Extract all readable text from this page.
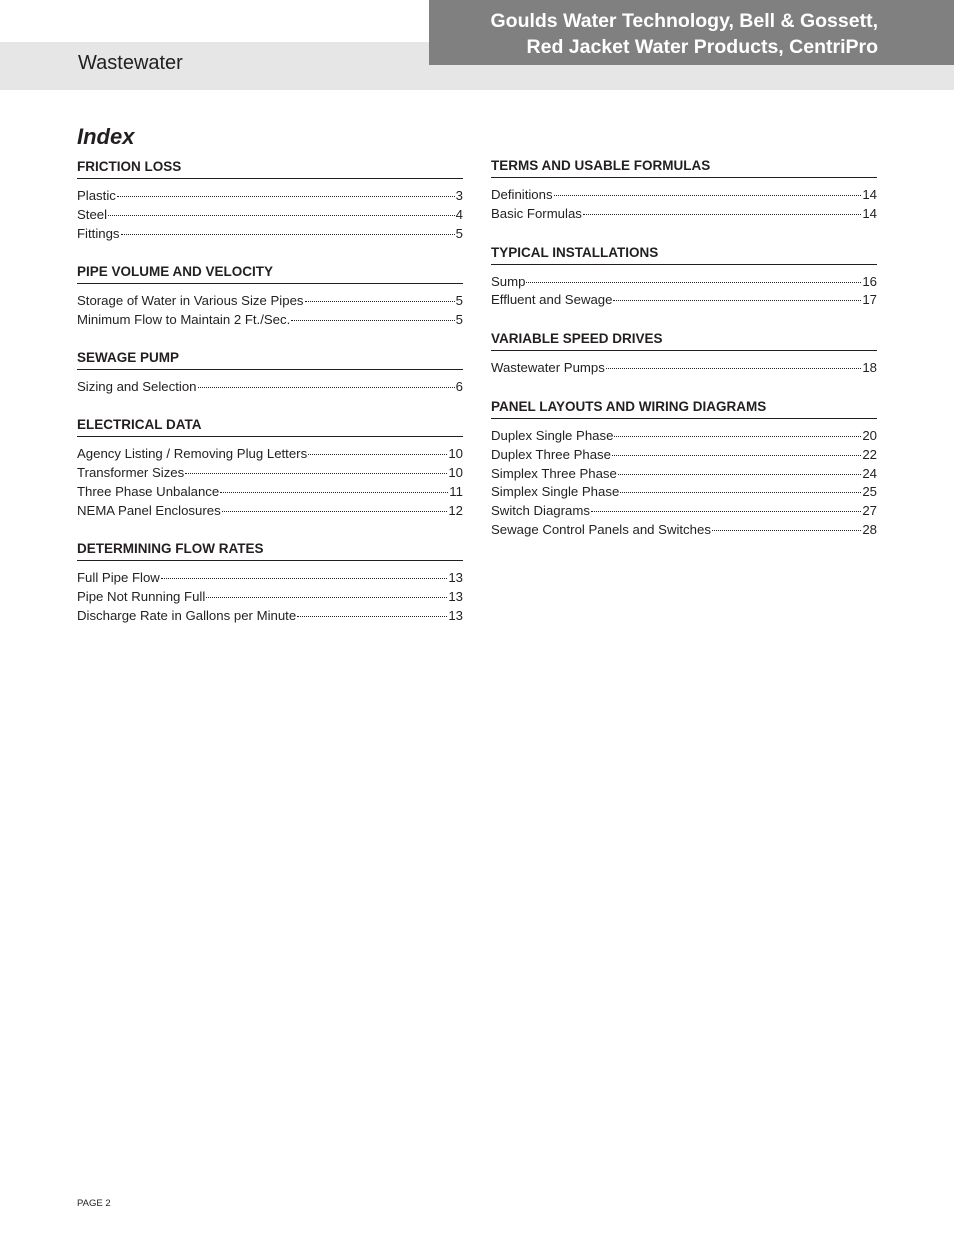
Wastewater
Goulds Water Technology, Bell & Gossett,
Red Jacket Water Products, CentriPro
Index
FRICTION LOSS
Plastic	3
Steel	4
Fittings	5
PIPE VOLUME AND VELOCITY
Storage of Water in Various Size Pipes	5
Minimum Flow to Maintain 2 Ft./Sec.	5
SEWAGE PUMP
Sizing and Selection	6
ELECTRICAL DATA
Agency Listing / Removing Plug Letters	10
Transformer Sizes	10
Three Phase Unbalance	11
NEMA Panel Enclosures	12
DETERMINING FLOW RATES
Full Pipe Flow	13
Pipe Not Running Full	13
Discharge Rate in Gallons per Minute	13
TERMS AND USABLE FORMULAS
Definitions	14
Basic Formulas	14
TYPICAL INSTALLATIONS
Sump	16
Effluent and Sewage	17
VARIABLE SPEED DRIVES
Wastewater Pumps	18
PANEL LAYOUTS AND WIRING DIAGRAMS
Duplex Single Phase	20
Duplex Three Phase	22
Simplex Three Phase	24
Simplex Single Phase	25
Switch Diagrams	27
Sewage Control Panels and Switches	28
PAGE 2
